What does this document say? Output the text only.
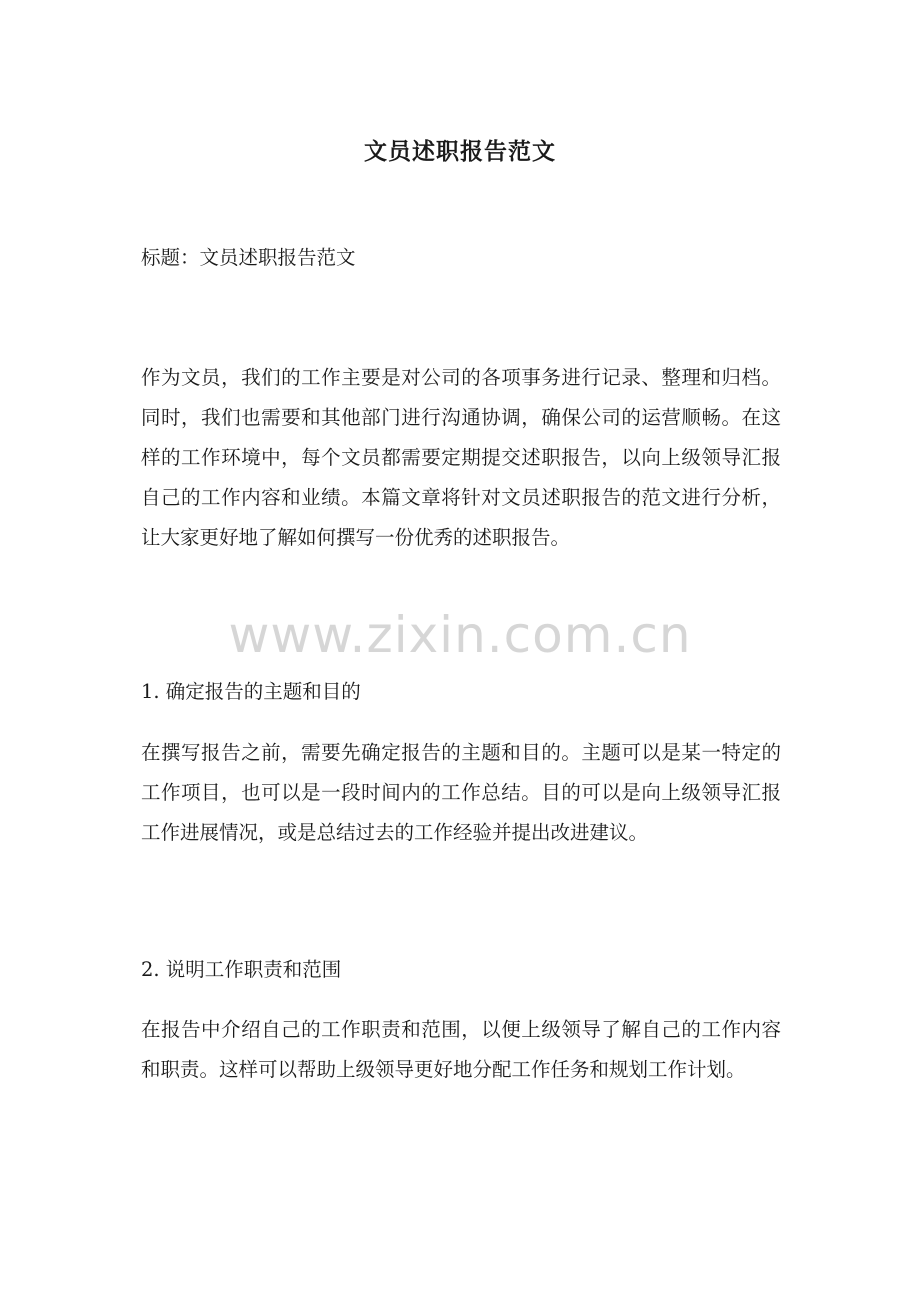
文员述职报告范文

标题：文员述职报告范文

作为文员，我们的工作主要是对公司的各项事务进行记录、整理和归档。同时，我们也需要和其他部门进行沟通协调，确保公司的运营顺畅。在这样的工作环境中，每个文员都需要定期提交述职报告，以向上级领导汇报自己的工作内容和业绩。本篇文章将针对文员述职报告的范文进行分析，让大家更好地了解如何撰写一份优秀的述职报告。

www.zixin.com.cn

1. 确定报告的主题和目的

在撰写报告之前，需要先确定报告的主题和目的。主题可以是某一特定的工作项目，也可以是一段时间内的工作总结。目的可以是向上级领导汇报工作进展情况，或是总结过去的工作经验并提出改进建议。

2. 说明工作职责和范围

在报告中介绍自己的工作职责和范围，以便上级领导了解自己的工作内容和职责。这样可以帮助上级领导更好地分配工作任务和规划工作计划。
